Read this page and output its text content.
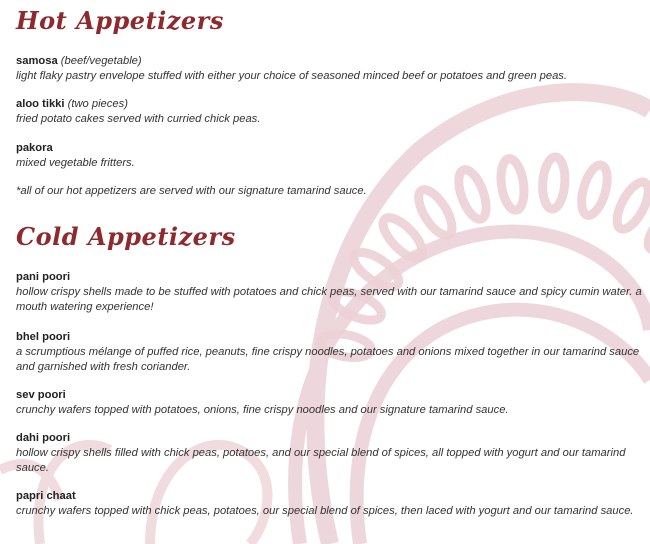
Hot Appetizers
samosa (beef/vegetable)
light flaky pastry envelope stuffed with either your choice of seasoned minced beef or potatoes and green peas.
aloo tikki (two pieces)
fried potato cakes served with curried chick peas.
pakora
mixed vegetable fritters.
*all of our hot appetizers are served with our signature tamarind sauce.
Cold Appetizers
pani poori
hollow crispy shells made to be stuffed with potatoes and chick peas, served with our tamarind sauce and spicy cumin water. a mouth watering experience!
bhel poori
a scrumptious mélange of puffed rice, peanuts, fine crispy noodles, potatoes and onions mixed together in our tamarind sauce and garnished with fresh coriander.
sev poori
crunchy wafers topped with potatoes, onions, fine crispy noodles and our signature tamarind sauce.
dahi poori
hollow crispy shells filled with chick peas, potatoes, and our special blend of spices, all topped with yogurt and our tamarind sauce.
papri chaat
crunchy wafers topped with chick peas, potatoes, our special blend of spices, then laced with yogurt and our tamarind sauce.
